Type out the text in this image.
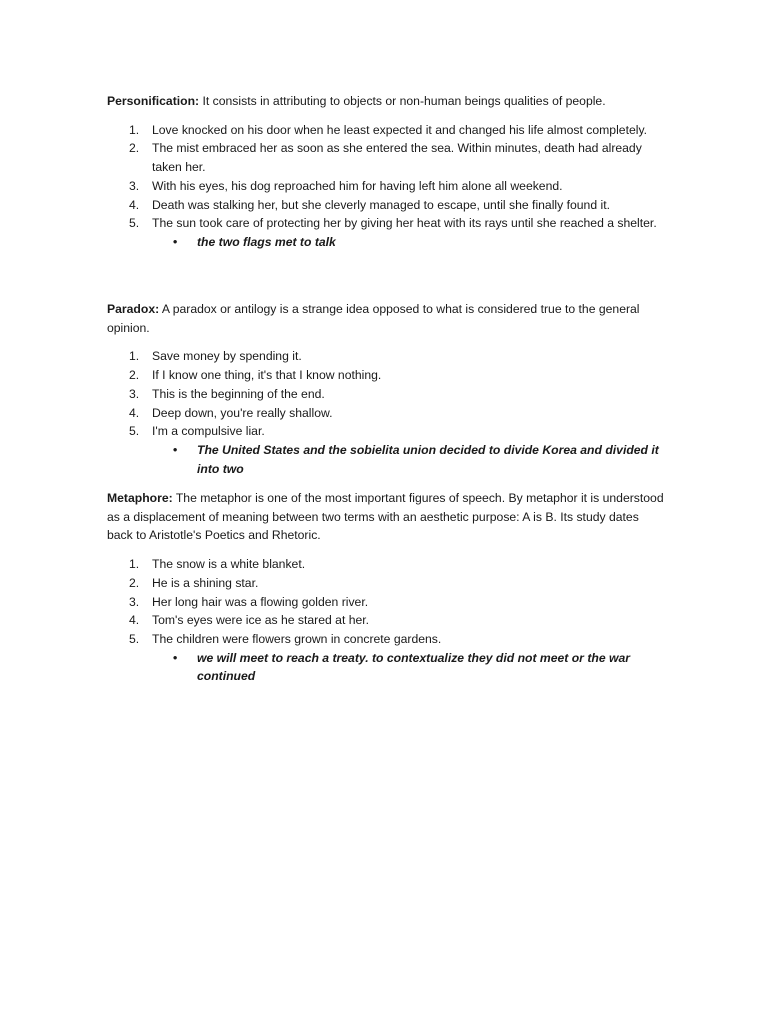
Personification: It consists in attributing to objects or non-human beings qualities of people.

1. Love knocked on his door when he least expected it and changed his life almost completely.
2. The mist embraced her as soon as she entered the sea. Within minutes, death had already taken her.
3. With his eyes, his dog reproached him for having left him alone all weekend.
4. Death was stalking her, but she cleverly managed to escape, until she finally found it.
5. The sun took care of protecting her by giving her heat with its rays until she reached a shelter.
• the two flags met to talk

Paradox: A paradox or antilogy is a strange idea opposed to what is considered true to the general opinion.

1. Save money by spending it.
2. If I know one thing, it's that I know nothing.
3. This is the beginning of the end.
4. Deep down, you're really shallow.
5. I'm a compulsive liar.
• The United States and the sobielita union decided to divide Korea and divided it into two

Metaphore: The metaphor is one of the most important figures of speech. By metaphor it is understood as a displacement of meaning between two terms with an aesthetic purpose: A is B. Its study dates back to Aristotle's Poetics and Rhetoric.

1. The snow is a white blanket.
2. He is a shining star.
3. Her long hair was a flowing golden river.
4. Tom's eyes were ice as he stared at her.
5. The children were flowers grown in concrete gardens.
• we will meet to reach a treaty. to contextualize they did not meet or the war continued
